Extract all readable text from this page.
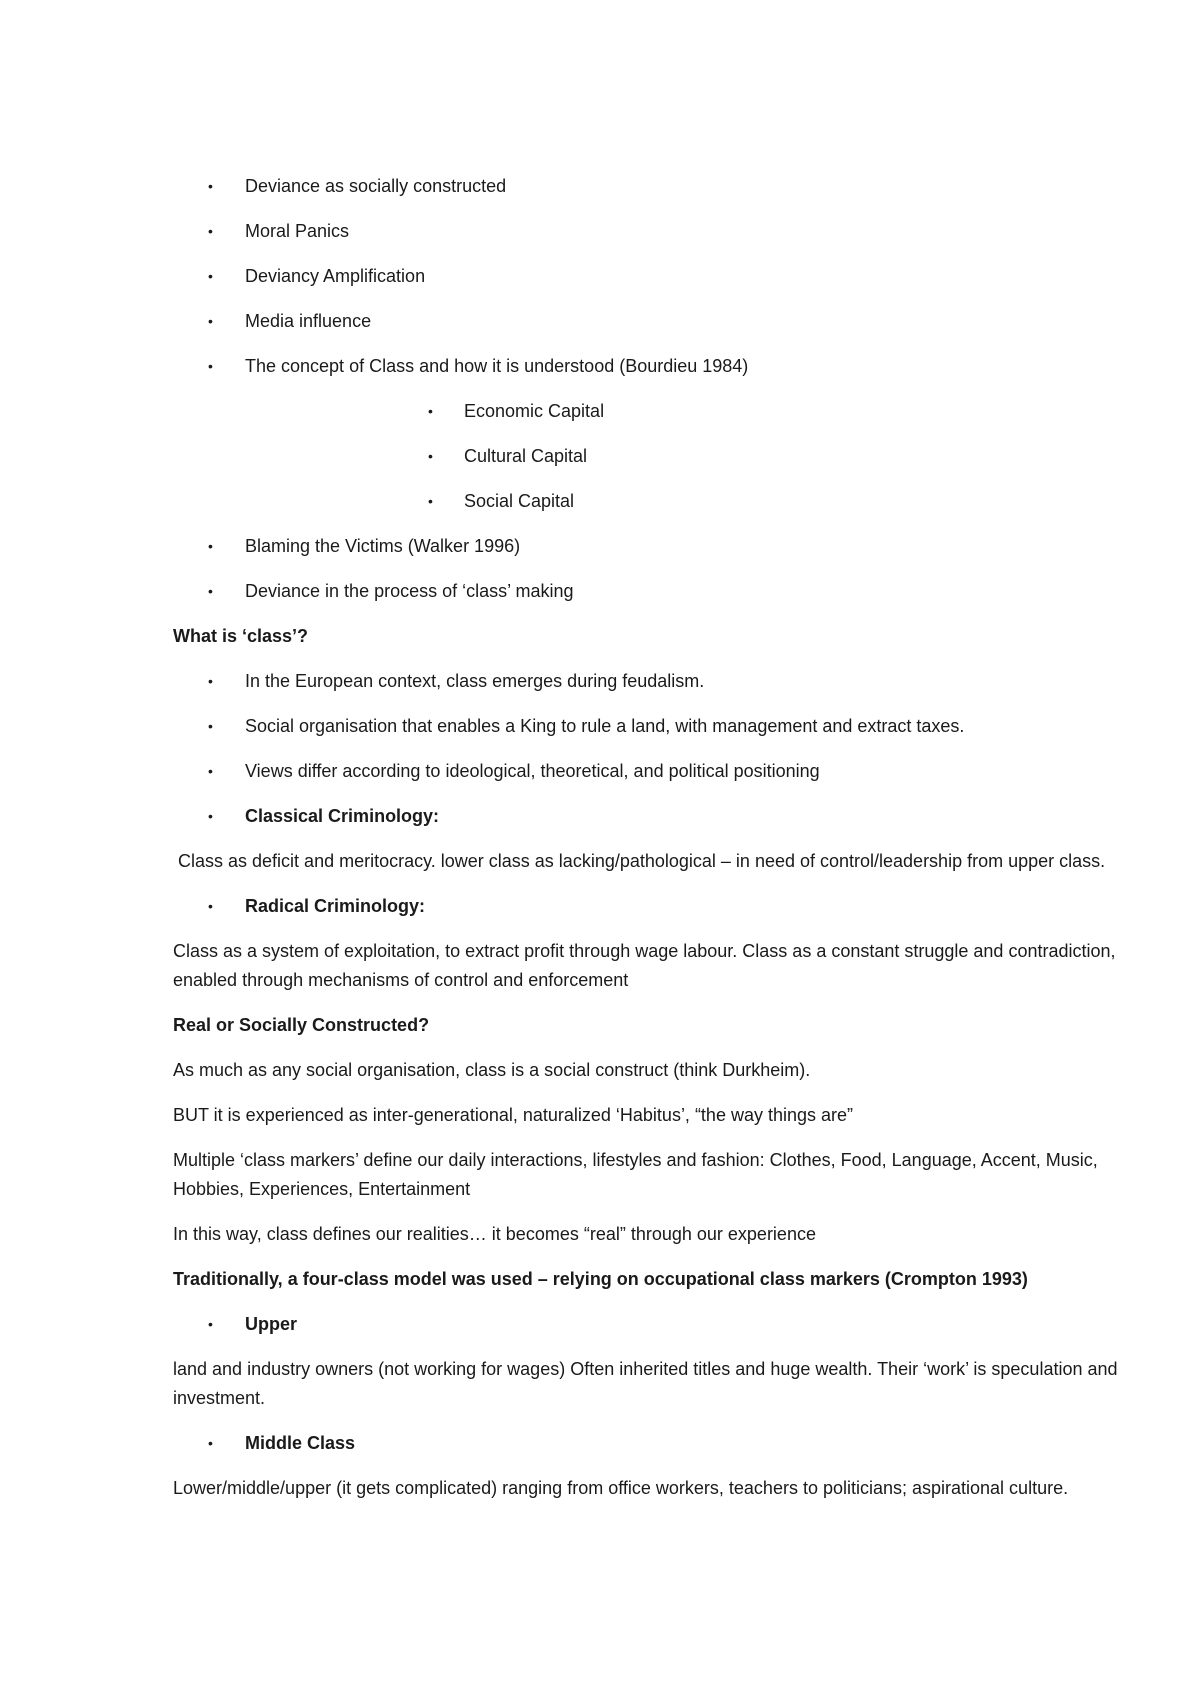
• Deviance as socially constructed
• Moral Panics
• Deviancy Amplification
• Media influence
• The concept of Class and how it is understood (Bourdieu 1984)
• Economic Capital
• Cultural Capital
• Social Capital
• Blaming the Victims (Walker 1996)
• Deviance in the process of ‘class’ making
What is ‘class’?
• In the European context, class emerges during feudalism.
• Social organisation that enables a King to rule a land, with management and extract taxes.
• Views differ according to ideological, theoretical, and political positioning
• Classical Criminology:
Class as deficit and meritocracy. lower class as lacking/pathological – in need of control/leadership from upper class.
• Radical Criminology:
Class as a system of exploitation, to extract profit through wage labour. Class as a constant struggle and contradiction, enabled through mechanisms of control and enforcement
Real or Socially Constructed?
As much as any social organisation, class is a social construct (think Durkheim).
BUT it is experienced as inter-generational, naturalized ‘Habitus’, “the way things are”
Multiple ‘class markers’ define our daily interactions, lifestyles and fashion: Clothes, Food, Language, Accent, Music, Hobbies, Experiences, Entertainment
In this way, class defines our realities… it becomes “real” through our experience
Traditionally, a four-class model was used – relying on occupational class markers (Crompton 1993)
• Upper
land and industry owners (not working for wages) Often inherited titles and huge wealth. Their ‘work’ is speculation and investment.
• Middle Class
Lower/middle/upper (it gets complicated) ranging from office workers, teachers to politicians; aspirational culture.
